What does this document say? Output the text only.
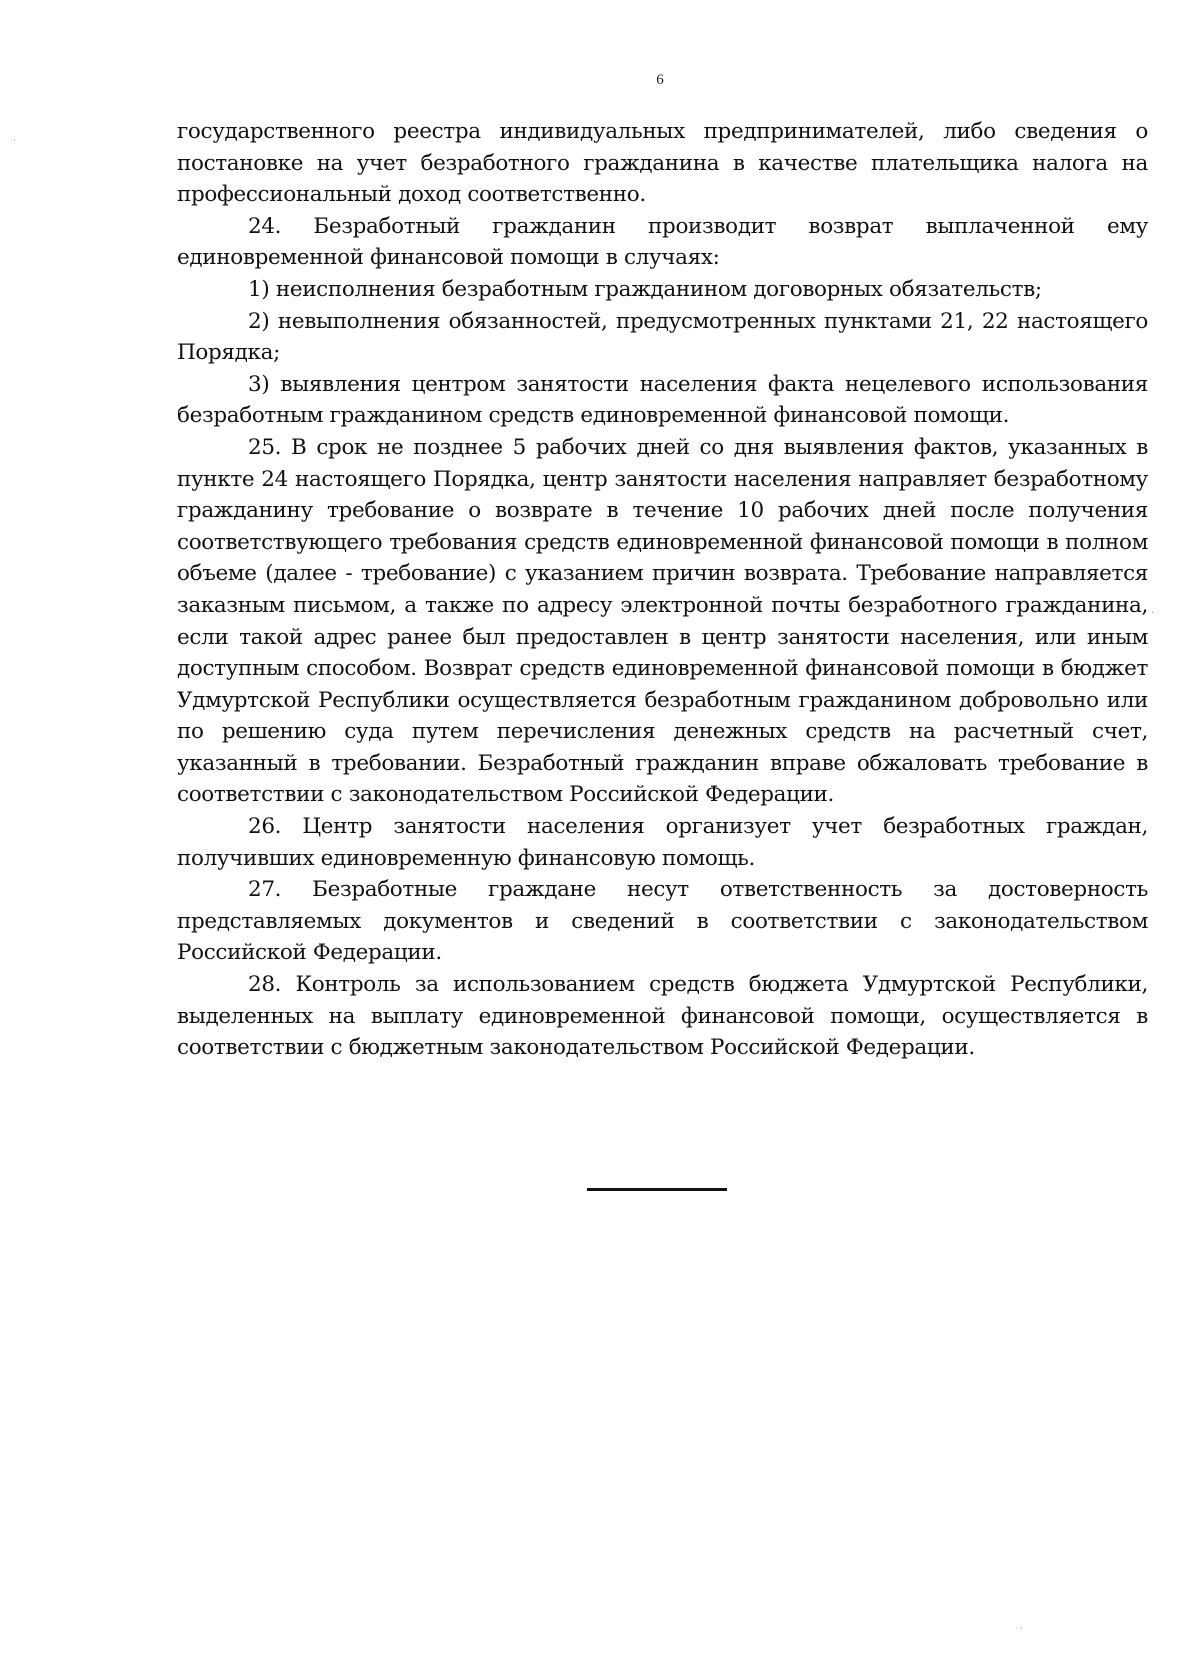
6

государственного реестра индивидуальных предпринимателей, либо сведения о постановке на учет безработного гражданина в качестве плательщика налога на профессиональный доход соответственно.

24. Безработный гражданин производит возврат выплаченной ему единовременной финансовой помощи в случаях:

1) неисполнения безработным гражданином договорных обязательств;

2) невыполнения обязанностей, предусмотренных пунктами 21, 22 настоящего Порядка;

3) выявления центром занятости населения факта нецелевого использования безработным гражданином средств единовременной финансовой помощи.

25. В срок не позднее 5 рабочих дней со дня выявления фактов, указанных в пункте 24 настоящего Порядка, центр занятости населения направляет безработному гражданину требование о возврате в течение 10 рабочих дней после получения соответствующего требования средств единовременной финансовой помощи в полном объеме (далее - требование) с указанием причин возврата. Требование направляется заказным письмом, а также по адресу электронной почты безработного гражданина, если такой адрес ранее был предоставлен в центр занятости населения, или иным доступным способом. Возврат средств единовременной финансовой помощи в бюджет Удмуртской Республики осуществляется безработным гражданином добровольно или по решению суда путем перечисления денежных средств на расчетный счет, указанный в требовании. Безработный гражданин вправе обжаловать требование в соответствии с законодательством Российской Федерации.

26. Центр занятости населения организует учет безработных граждан, получивших единовременную финансовую помощь.

27. Безработные граждане несут ответственность за достоверность представляемых документов и сведений в соответствии с законодательством Российской Федерации.

28. Контроль за использованием средств бюджета Удмуртской Республики, выделенных на выплату единовременной финансовой помощи, осуществляется в соответствии с бюджетным законодательством Российской Федерации.
